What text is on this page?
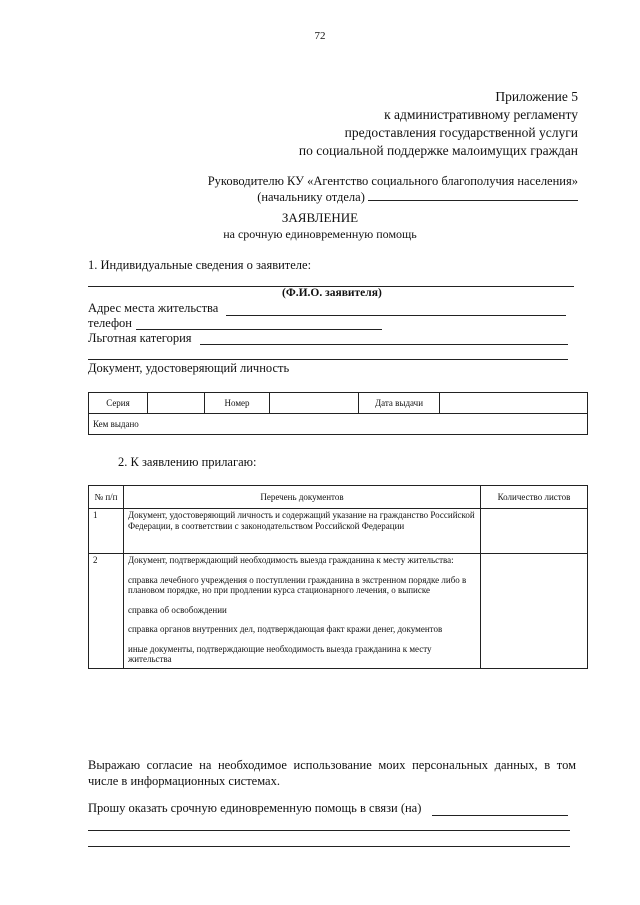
72
Приложение 5
к административному регламенту
предоставления государственной услуги
по социальной поддержке малоимущих граждан
Руководителю КУ «Агентство социального благополучия населения»
(начальнику отдела)
ЗАЯВЛЕНИЕ
на срочную единовременную помощь
1. Индивидуальные сведения о заявителе:
(Ф.И.О. заявителя)
Адрес места жительства
телефон
Льготная категория
Документ, удостоверяющий личность
Серия		Номер		Дата выдачи	
Кем выдано
2. К заявлению прилагаю:
№ п/п	Перечень документов	Количество листов
1	Документ, удостоверяющий личность и содержащий указание на гражданство Российской Федерации, в соответствии с законодательством Российской Федерации	

2	Документ, подтверждающий необходимость выезда гражданина к месту жительства:

справка лечебного учреждения о поступлении гражданина в экстренном порядке либо в плановом порядке, но при продлении курса стационарного лечения, о выписке

справка об освобождении

справка органов внутренних дел, подтверждающая факт кражи денег, документов

иные документы, подтверждающие необходимость выезда гражданина к месту жительства	

Выражаю согласие на необходимое использование моих персональных данных, в том числе в информационных системах.
Прошу оказать срочную единовременную помощь в связи (на)
